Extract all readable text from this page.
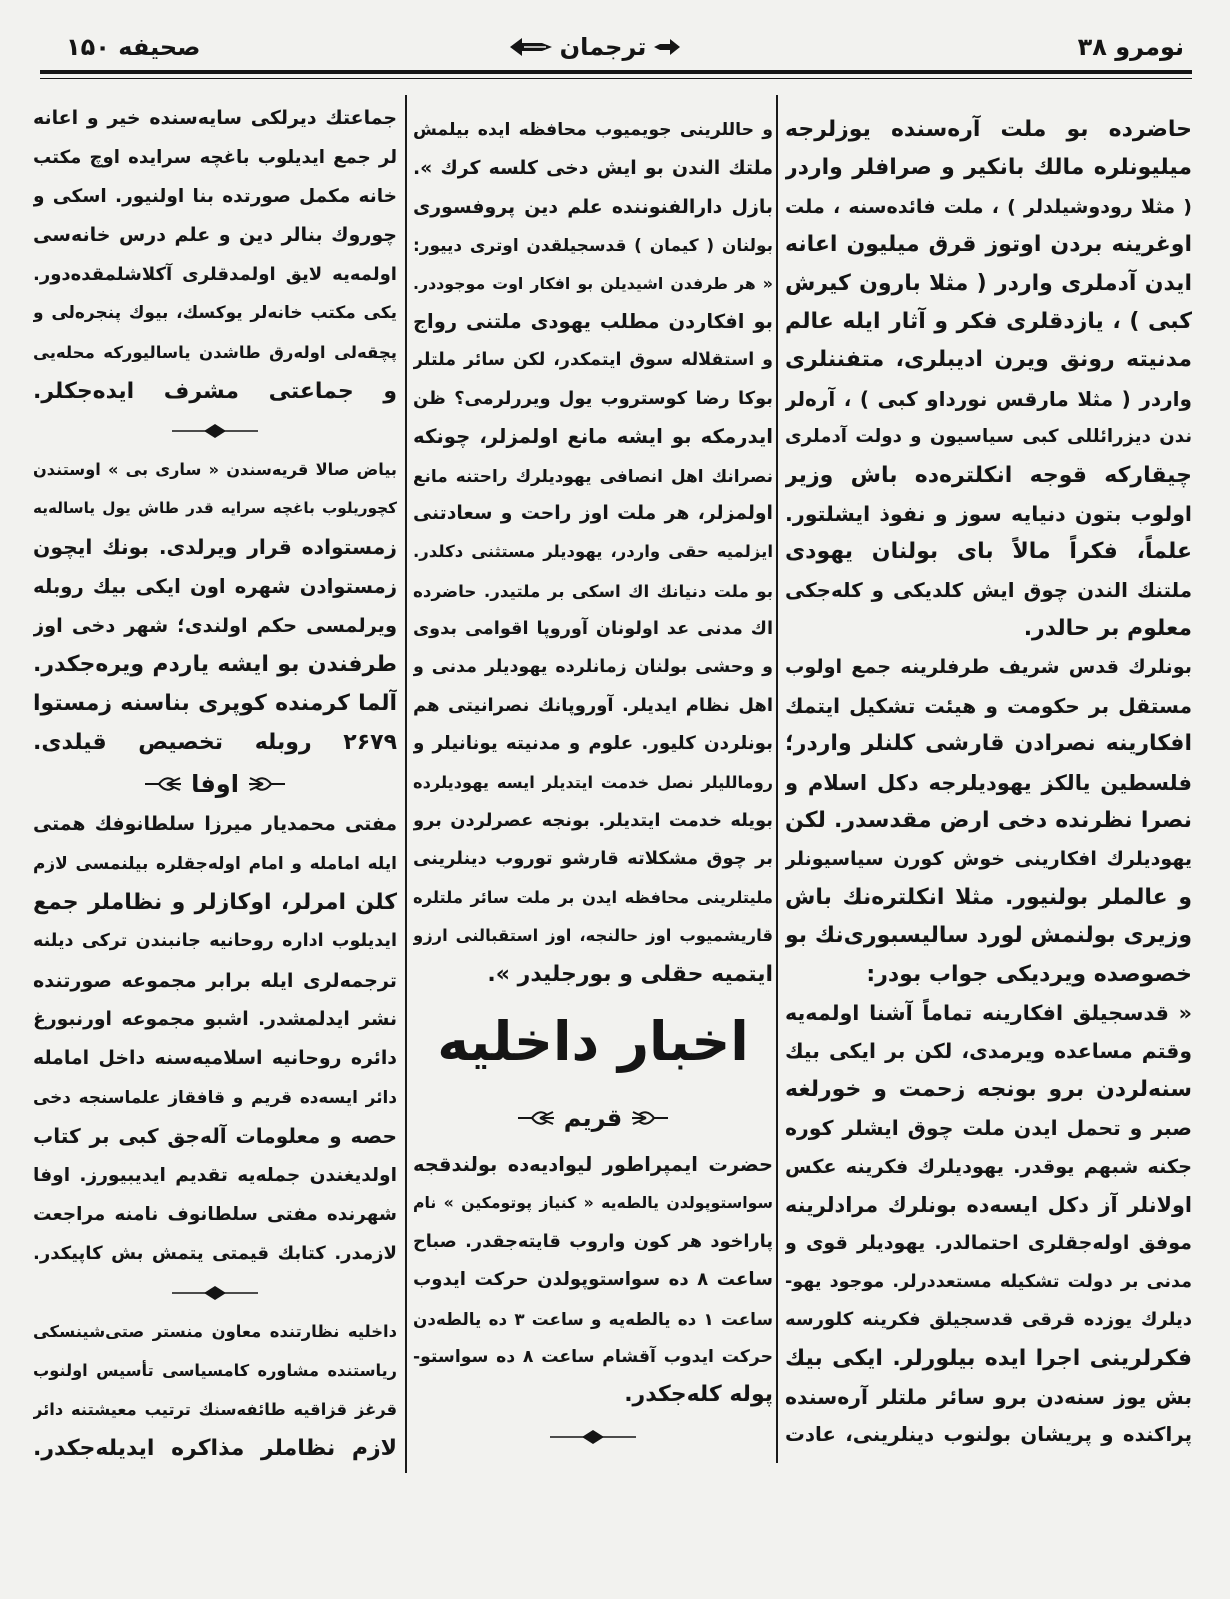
صحیفه ۱۵۰	ترجمان	نومرو ۳۸
حاضرده بو ملت آره‌سنده یوزلرجه
میلیونلره مالك بانکیر و صرافلر واردر
( مثلا رودوشیلدلر ) ، ملت فائده‌سنه ، ملت
اوغرینه بردن اوتوز قرق میلیون اعانه
ایدن آدملری واردر ( مثلا بارون کیرش
کبی ) ، یازدقلری فکر و آثار ایله عالم
مدنیته رونق ویرن ادیبلری، متفننلری
واردر ( مثلا مارقس نورداو کبی ) ، آره‌لر
ندن دیزرائللی کبی سیاسیون و دولت آدملری
چیقارکه قوجه انکلتره‌ده باش وزیر
اولوب بتون دنیایه سوز و نفوذ ایشلتور.
علماً، فکراً مالاً بای بولنان یهودی
ملتنك الندن چوق ایش کلدیکی و کله‌جکی
معلوم بر حالدر.
بونلرك قدس شریف طرفلرینه جمع اولوب
مستقل بر حکومت و هیئت تشکیل ایتمك
افکارینه نصرادن قارشی کلنلر واردر؛
فلسطین یالکز یهودیلرجه دکل اسلام و
نصرا نظرنده دخی ارض مقدسدر. لکن
یهودیلرك افکارینی خوش کورن سیاسیونلر
و عالملر بولنیور. مثلا انکلتره‌نك باش
وزیری بولنمش لورد سالیسبوری‌نك بو
خصوصده ویردیکی جواب بودر:
« قدسجیلق افکارینه تماماً آشنا اولمه‌یه
وقتم مساعده ویرمدی، لکن بر ایکی بیك
سنه‌لردن برو بونجه زحمت و خورلغه
صبر و تحمل ایدن ملت چوق ایشلر کوره
جکنه شبهم یوقدر. یهودیلرك فکرینه عکس
اولانلر آز دکل ایسه‌ده بونلرك مرادلرینه
موفق اوله‌جقلری احتمالدر. یهودیلر قوی و
مدنی بر دولت تشکیله مستعددرلر. موجود یهو-
دیلرك یوزده قرقی قدسجیلق فکرینه کلورسه
فکرلرینی اجرا ایده بیلورلر. ایکی بیك
بش یوز سنه‌دن برو سائر ملتلر آره‌سنده
پراکنده و پریشان بولنوب دینلرینی، عادت
و حاللرینی جویمیوب محافظه ایده بیلمش
ملتك الندن بو ایش دخی کلسه کرك ».
بازل دارالفنوننده علم دین پروفسوری
بولنان ( کیمان ) قدسجیلقدن اوتری دییور:
« هر طرفدن اشیدیلن بو افکار اوت موجوددر.
بو افکاردن مطلب یهودی ملتنی رواج
و استقلاله سوق ایتمکدر، لکن سائر ملتلر
بوکا رضا کوستروب یول ویررلرمی؟ ظن
ایدرمکه بو ایشه مانع اولمزلر، چونکه
نصرانك اهل انصافی یهودیلرك راحتنه مانع
اولمزلر، هر ملت اوز راحت و سعادتنی
ایزلمیه حقی واردر، یهودیلر مستثنی دکلدر.
بو ملت دنیانك اك اسکی بر ملتیدر. حاضرده
اك مدنی عد اولونان آوروپا اقوامی بدوی
و وحشی بولنان زمانلرده یهودیلر مدنی و
اهل نظام ایدیلر. آوروپانك نصرانیتی هم
بونلردن کلیور. علوم و مدنیته یونانیلر و
روماللیلر نصل خدمت ایتدیلر ایسه یهودیلرده
بویله خدمت ایتدیلر. بونجه عصرلردن برو
بر چوق مشکلاته قارشو توروب دینلرینی
ملیتلرینی محافظه ایدن بر ملت سائر ملتلره
قاریشمیوب اوز حالنجه، اوز استقبالنی ارزو
ایتمیه حقلی و بورجلیدر ».
اخبار داخلیه
قریم
حضرت ایمپراطور لیوادیه‌ده بولندقجه
سواستوپولدن یالطه‌یه « کنیاز پوتومکین » نام
پاراخود هر کون واروب قایته‌جقدر. صباح
ساعت ۸ ده سواستوپولدن حرکت ایدوب
ساعت ۱ ده یالطه‌یه و ساعت ۳ ده یالطه‌دن
حرکت ایدوب آقشام ساعت ۸ ده سواستو-
پوله کله‌جکدر.
جماعتك دیرلکی سایه‌سنده خیر و اعانه
لر جمع ایدیلوب باغچه سرایده اوچ مکتب
خانه مکمل صورتده بنا اولنیور. اسکی و
چوروك بنالر دین و علم درس خانه‌سی
اولمه‌یه لایق اولمدقلری آکلاشلمقده‌دور.
یکی مکتب خانه‌لر یوکسك، بیوك پنجره‌لی و
پچقه‌لی اوله‌رق طاشدن یاسالیورکه محله‌یی
و جماعتی مشرف ایده‌جکلر.
بیاض صالا قریه‌سندن « ساری بی » اوستندن
کچوریلوب باغچه سرایه قدر طاش یول یاساله‌یه
زمستواده قرار ویرلدی. بونك ایچون
زمستوادن شهره اون ایکی بیك روبله
ویرلمسی حکم اولندی؛ شهر دخی اوز
طرفندن بو ایشه یاردم ویره‌جکدر.
آلما کرمنده کوپری بناسنه زمستوا
۲۶۷۹ روبله تخصیص قیلدی.
اوفا
مفتی محمدیار میرزا سلطانوفك همتی
ایله امامله و امام اوله‌جقلره بیلنمسی لازم
کلن امرلر، اوکازلر و نظاملر جمع
ایدیلوب اداره روحانیه جانبندن ترکی دیلنه
ترجمه‌لری ایله برابر مجموعه صورتنده
نشر ایدلمشدر. اشبو مجموعه اورنبورغ
دائره روحانیه اسلامیه‌سنه داخل امامله
دائر ایسه‌ده قریم و قافقاز علماسنجه دخی
حصه و معلومات آله‌جق کبی بر کتاب
اولدیغندن جمله‌یه تقدیم ایدیبیورز. اوفا
شهرنده مفتی سلطانوف نامنه مراجعت
لازمدر. کتابك قیمتی یتمش بش کاپیکدر.
داخلیه نظارتنده معاون منستر صتی‌شینسکی
ریاستنده مشاوره کامسیاسی تأسیس اولنوب
قرغز قزاقیه طائفه‌سنك ترتیب معیشتنه دائر
لازم نظاملر مذاکره ایدیله‌جکدر.
